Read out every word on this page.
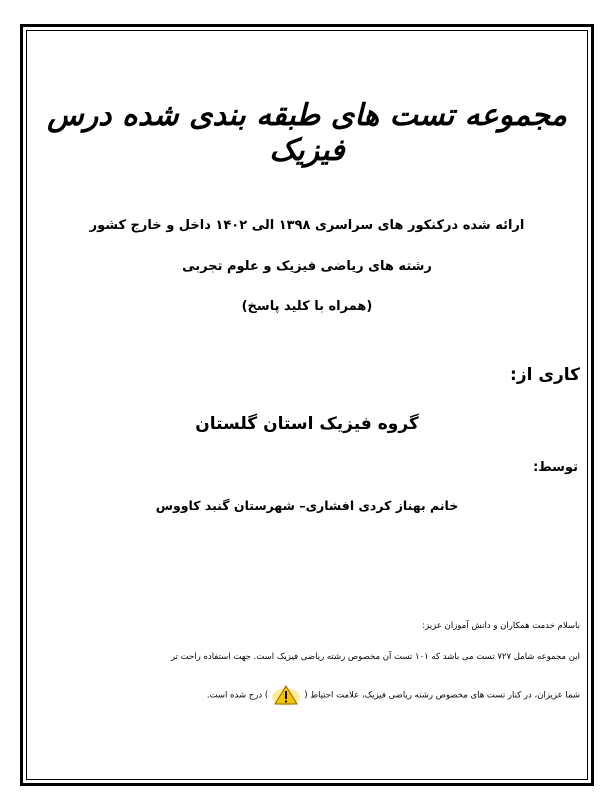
مجموعه تست های طبقه بندی شده درس فیزیک
ارائه شده درکنکور های سراسری ۱۳۹۸ الی ۱۴۰۲ داخل و خارج کشور
رشته های ریاضی فیزیک و علوم تجربی
(همراه با کلید پاسخ)
کاری از:
گروه فیزیک استان گلستان
توسط:
خانم بهناز کردی افشاری– شهرستان گنبد کاووس
باسلام خدمت همکاران و دانش آموزان عزیز:
این مجموعه شامل ۷۲۷ تست می باشد که ۱۰۱ تست آن مخصوص رشته ریاضی فیزیک است. جهت استفاده راحت تر
شما عزیزان، در کنار تست های مخصوص رشته ریاضی فیزیک، علامت احتیاط () درج شده است.
